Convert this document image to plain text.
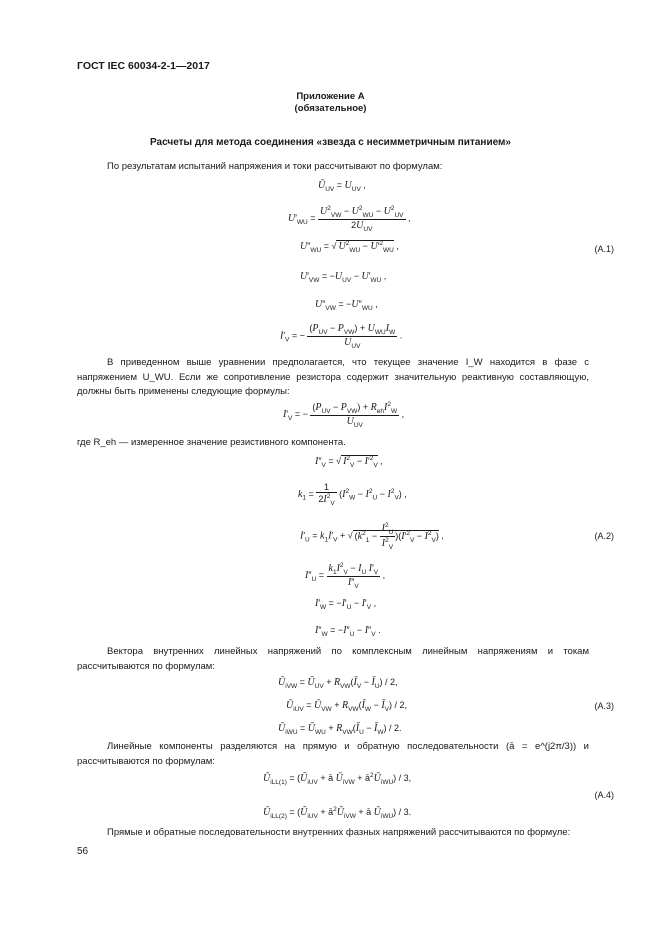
ГОСТ IEC 60034-2-1—2017
Приложение А
(обязательное)
Расчеты для метода соединения «звезда с несимметричным питанием»
По результатам испытаний напряжения и токи рассчитывают по формулам:
$Ū_{UV} = U_{UV}$ ,
$U'_{WU} = \frac{U^2_{VW} - U^2_{WU} - U^2_{UV}}{2U_{UV}}$ ,
$U''_{WU}$ = √ $U^2_{WU} - U'^2_{WU}$ ,	(А.1)
$U'_{VW} = -U_{UV} - U'_{WU}$ ,
$U''_{VW} = -U''_{WU}$ ,
$I'_V$ = − $\frac{(P_{UV} - P_{VW}) + U_{WU}I_W}{U_{UV}}$ .
В приведенном выше уравнении предполагается, что текущее значение I_W находится в фазе с напряжением U_WU. Если же сопротивление резистора содержит значительную реактивную составляющую, должны быть применены следующие формулы:
$I'_V$ = − $\frac{(P_{UV} - P_{VW}) + R_{eh}I^2_W}{U_{UV}}$ ,
где R_eh — измеренное значение резистивного компонента.
$I''_V$ = √ $I^2_V - I'^2_V$ ,
$k_1 = \frac{1}{2I^2_V} (I^2_W - I^2_U - I^2_V)$ ,
$I'_U = k_1I'_V$ + √ $(k^2_1 - \frac{I^2_U}{I^2_V} )(I'^2_V - I^2_V)$ ,	(А.2)
$I''_U = \frac{k_1I^2_V - I_U I'_V}{I''_V}$ ,
$I'_W = -I'_U - I'_V$ ,
$I''_W = -I''_U - I''_V$ .
Вектора внутренних линейных напряжений по комплексным линейным напряжениям и токам рассчитываются по формулам:
$Ū_{iVW}$ = $Ū_{UV}$ + $R_{VW}(Ī_V$ − $Ī_U) / 2$,
$Ū_{iUV}$ = $Ū_{VW}$ + $R_{VW}(Ī_W$ − $Ī_V) / 2$,	(А.3)
$Ū_{iWU}$ = $Ū_{WU}$ + $R_{VW}(Ī_U$ − $Ī_W) / 2$.
Линейные компоненты разделяются на прямую и обратную последовательности (ā = e^(j2π/3)) и рассчитываются по формулам:
$Ū_{iLL(1)}$ = ($Ū_{iUV}$ + ā $Ū_{iVW}$ + $ā^2Ū_{iWU}) / 3$,
(А.4)
$Ū_{iLL(2)}$ = ($Ū_{iUV}$ + $ā^2Ū_{iVW}$ + ā $Ū_{iWU}) / 3$.
Прямые и обратные последовательности внутренних фазных напряжений рассчитываются по формуле:
56
